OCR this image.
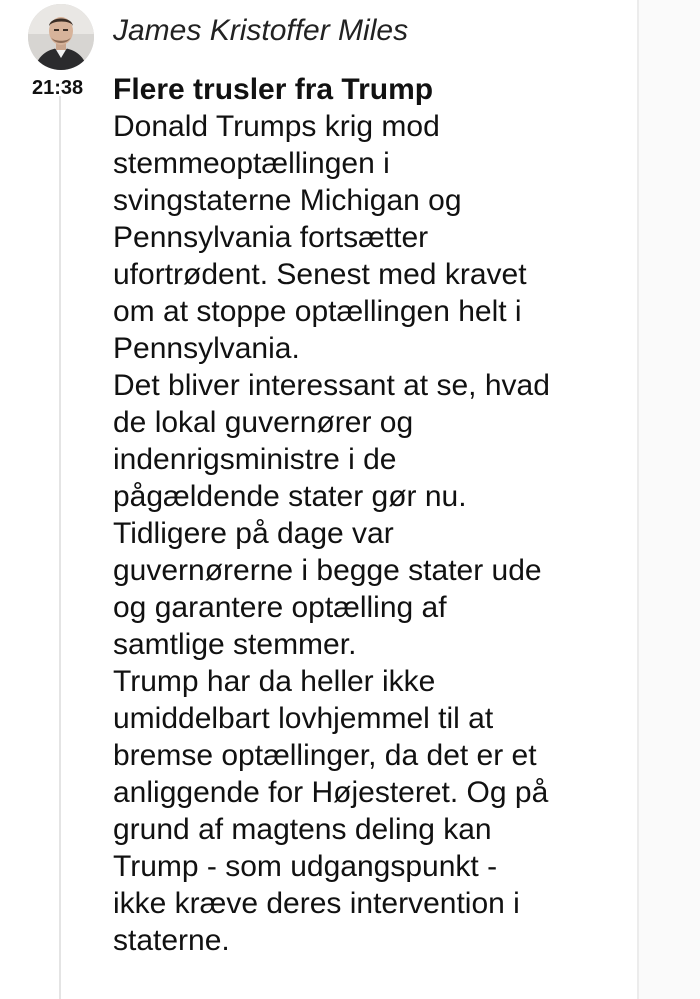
James Kristoffer Miles
21:38 Flere trusler fra Trump

Donald Trumps krig mod

stemmeoptællingen i

svingstaterne Michigan og

Pennsylvania fortsætter

ufortrødent. Senest med kravet

om at stoppe optællingen helt i

Pennsylvania.

Det bliver interessant at se, hvad

de lokal guvernører og

indenrigsministre i de

pågældende stater gør nu.

Tidligere på dage var

guvernørerne i begge stater ude

og garantere optælling af

samtlige stemmer.

Trump har da heller ikke

umiddelbart lovhjemmel til at

bremse optællinger, da det er et

anliggende for Højesteret. Og på

grund af magtens deling kan

Trump - som udgangspunkt -

ikke kræve deres intervention i

staterne.
